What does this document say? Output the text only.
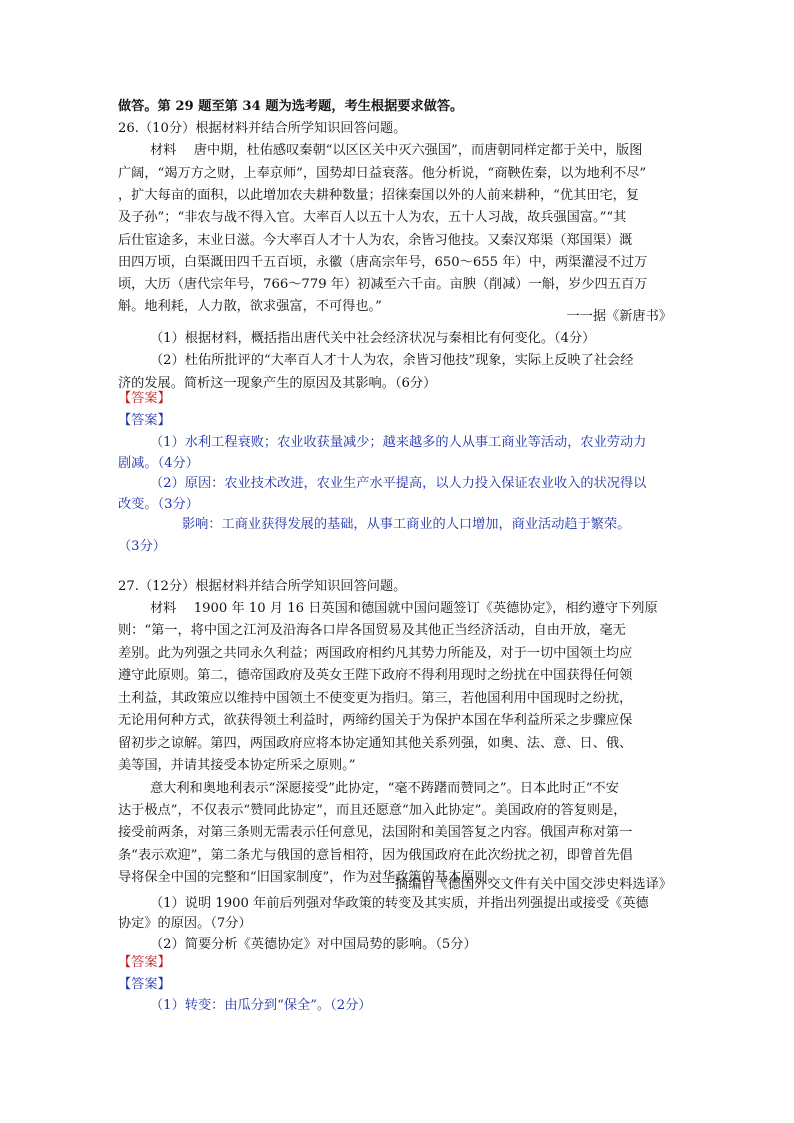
做答。第 29 题至第 34 题为选考题，考生根据要求做答。
26.（10分）根据材料并结合所学知识回答问题。
材料　 唐中期，杜佑感叹秦朝“以区区关中灭六强国”，而唐朝同样定都于关中，版图
广阔，“竭万方之财，上奉京师”，国势却日益衰落。他分析说，“商鞅佐秦，以为地利不尽”
，扩大每亩的面积，以此增加农夫耕种数量；招徕秦国以外的人前来耕种，“优其田宅，复
及子孙”；“非农与战不得入官。大率百人以五十人为农，五十人习战，故兵强国富。”“其
后仕宦途多，末业日滋。今大率百人才十人为农，余皆习他技。又秦汉郑渠（郑国渠）溉
田四万顷，白渠溉田四千五百顷，永徽（唐高宗年号，650～655 年）中，两渠灌浸不过万
顷，大历（唐代宗年号，766～779 年）初减至六千亩。亩腴（削减）一斛，岁少四五百万
斛。地利耗，人力散，欲求强富，不可得也。”
一一据《新唐书》
（1）根据材料，概括指出唐代关中社会经济状况与秦相比有何变化。（4分）
（2）杜佑所批评的“大率百人才十人为农，余皆习他技”现象，实际上反映了社会经
济的发展。简析这一现象产生的原因及其影响。（6分）
【答案】
【答案】
（1）水利工程衰败；农业收获量减少；越来越多的人从事工商业等活动，农业劳动力
剧减。（4分）
（2）原因：农业技术改进，农业生产水平提高，以人力投入保证农业收入的状况得以
改变。（3分）
影响：工商业获得发展的基础，从事工商业的人口增加，商业活动趋于繁荣。
（3分）
27.（12分）根据材料并结合所学知识回答问题。
材料　 1900 年 10 月 16 日英国和德国就中国问题签订《英德协定》，相约遵守下列原
则：“第一，将中国之江河及沿海各口岸各国贸易及其他正当经济活动，自由开放，毫无
差别。此为列强之共同永久利益；两国政府相约凡其势力所能及，对于一切中国领土均应
遵守此原则。第二，德帝国政府及英女王陛下政府不得利用现时之纷扰在中国获得任何领
土利益，其政策应以维持中国领土不使变更为指归。第三，若他国利用中国现时之纷扰，
无论用何种方式，欲获得领土利益时，两缔约国关于为保护本国在华利益所采之步骤应保
留初步之谅解。第四，两国政府应将本协定通知其他关系列强，如奥、法、意、日、俄、
美等国，并请其接受本协定所采之原则。”
意大利和奥地利表示“深愿接受”此协定，“毫不踌躇而赞同之”。日本此时正“不安
达于极点”，不仅表示“赞同此协定”，而且还愿意“加入此协定”。美国政府的答复则是，
接受前两条，对第三条则无需表示任何意见，法国附和美国答复之内容。俄国声称对第一
条“表示欢迎”，第二条尤与俄国的意旨相符，因为俄国政府在此次纷扰之初，即曾首先倡
导将保全中国的完整和“旧国家制度”，作为对华政策的基本原则。
一一摘编自《德国外交文件有关中国交涉史料选译》
（1）说明 1900 年前后列强对华政策的转变及其实质，并指出列强提出或接受《英德
协定》的原因。（7分）
（2）简要分析《英德协定》对中国局势的影响。（5分）
【答案】
【答案】
（1）转变：由瓜分到“保全”。（2分）
